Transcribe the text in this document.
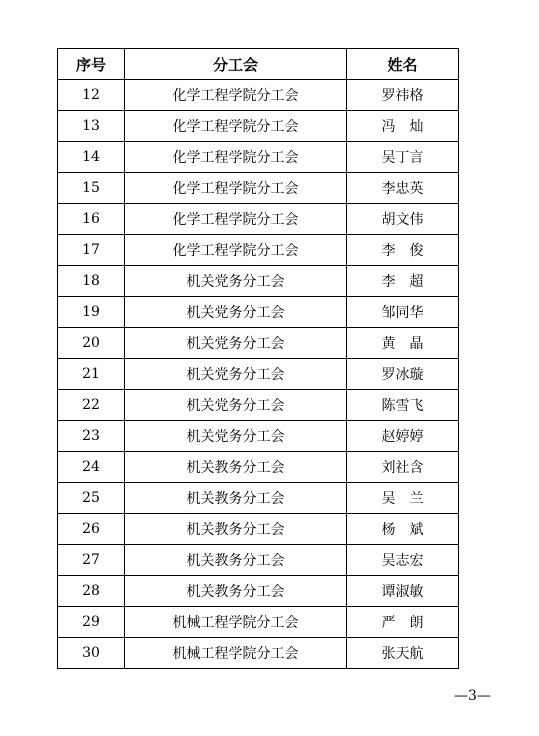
序号	分工会	姓名
12	化学工程学院分工会	罗祎格
13	化学工程学院分工会	冯　灿
14	化学工程学院分工会	吴丁言
15	化学工程学院分工会	李忠英
16	化学工程学院分工会	胡文伟
17	化学工程学院分工会	李　俊
18	机关党务分工会	李　超
19	机关党务分工会	邹同华
20	机关党务分工会	黄　晶
21	机关党务分工会	罗冰璇
22	机关党务分工会	陈雪飞
23	机关党务分工会	赵婷婷
24	机关教务分工会	刘社含
25	机关教务分工会	吴　兰
26	机关教务分工会	杨　斌
27	机关教务分工会	吴志宏
28	机关教务分工会	谭淑敏
29	机械工程学院分工会	严　朗
30	机械工程学院分工会	张天航
—3—
